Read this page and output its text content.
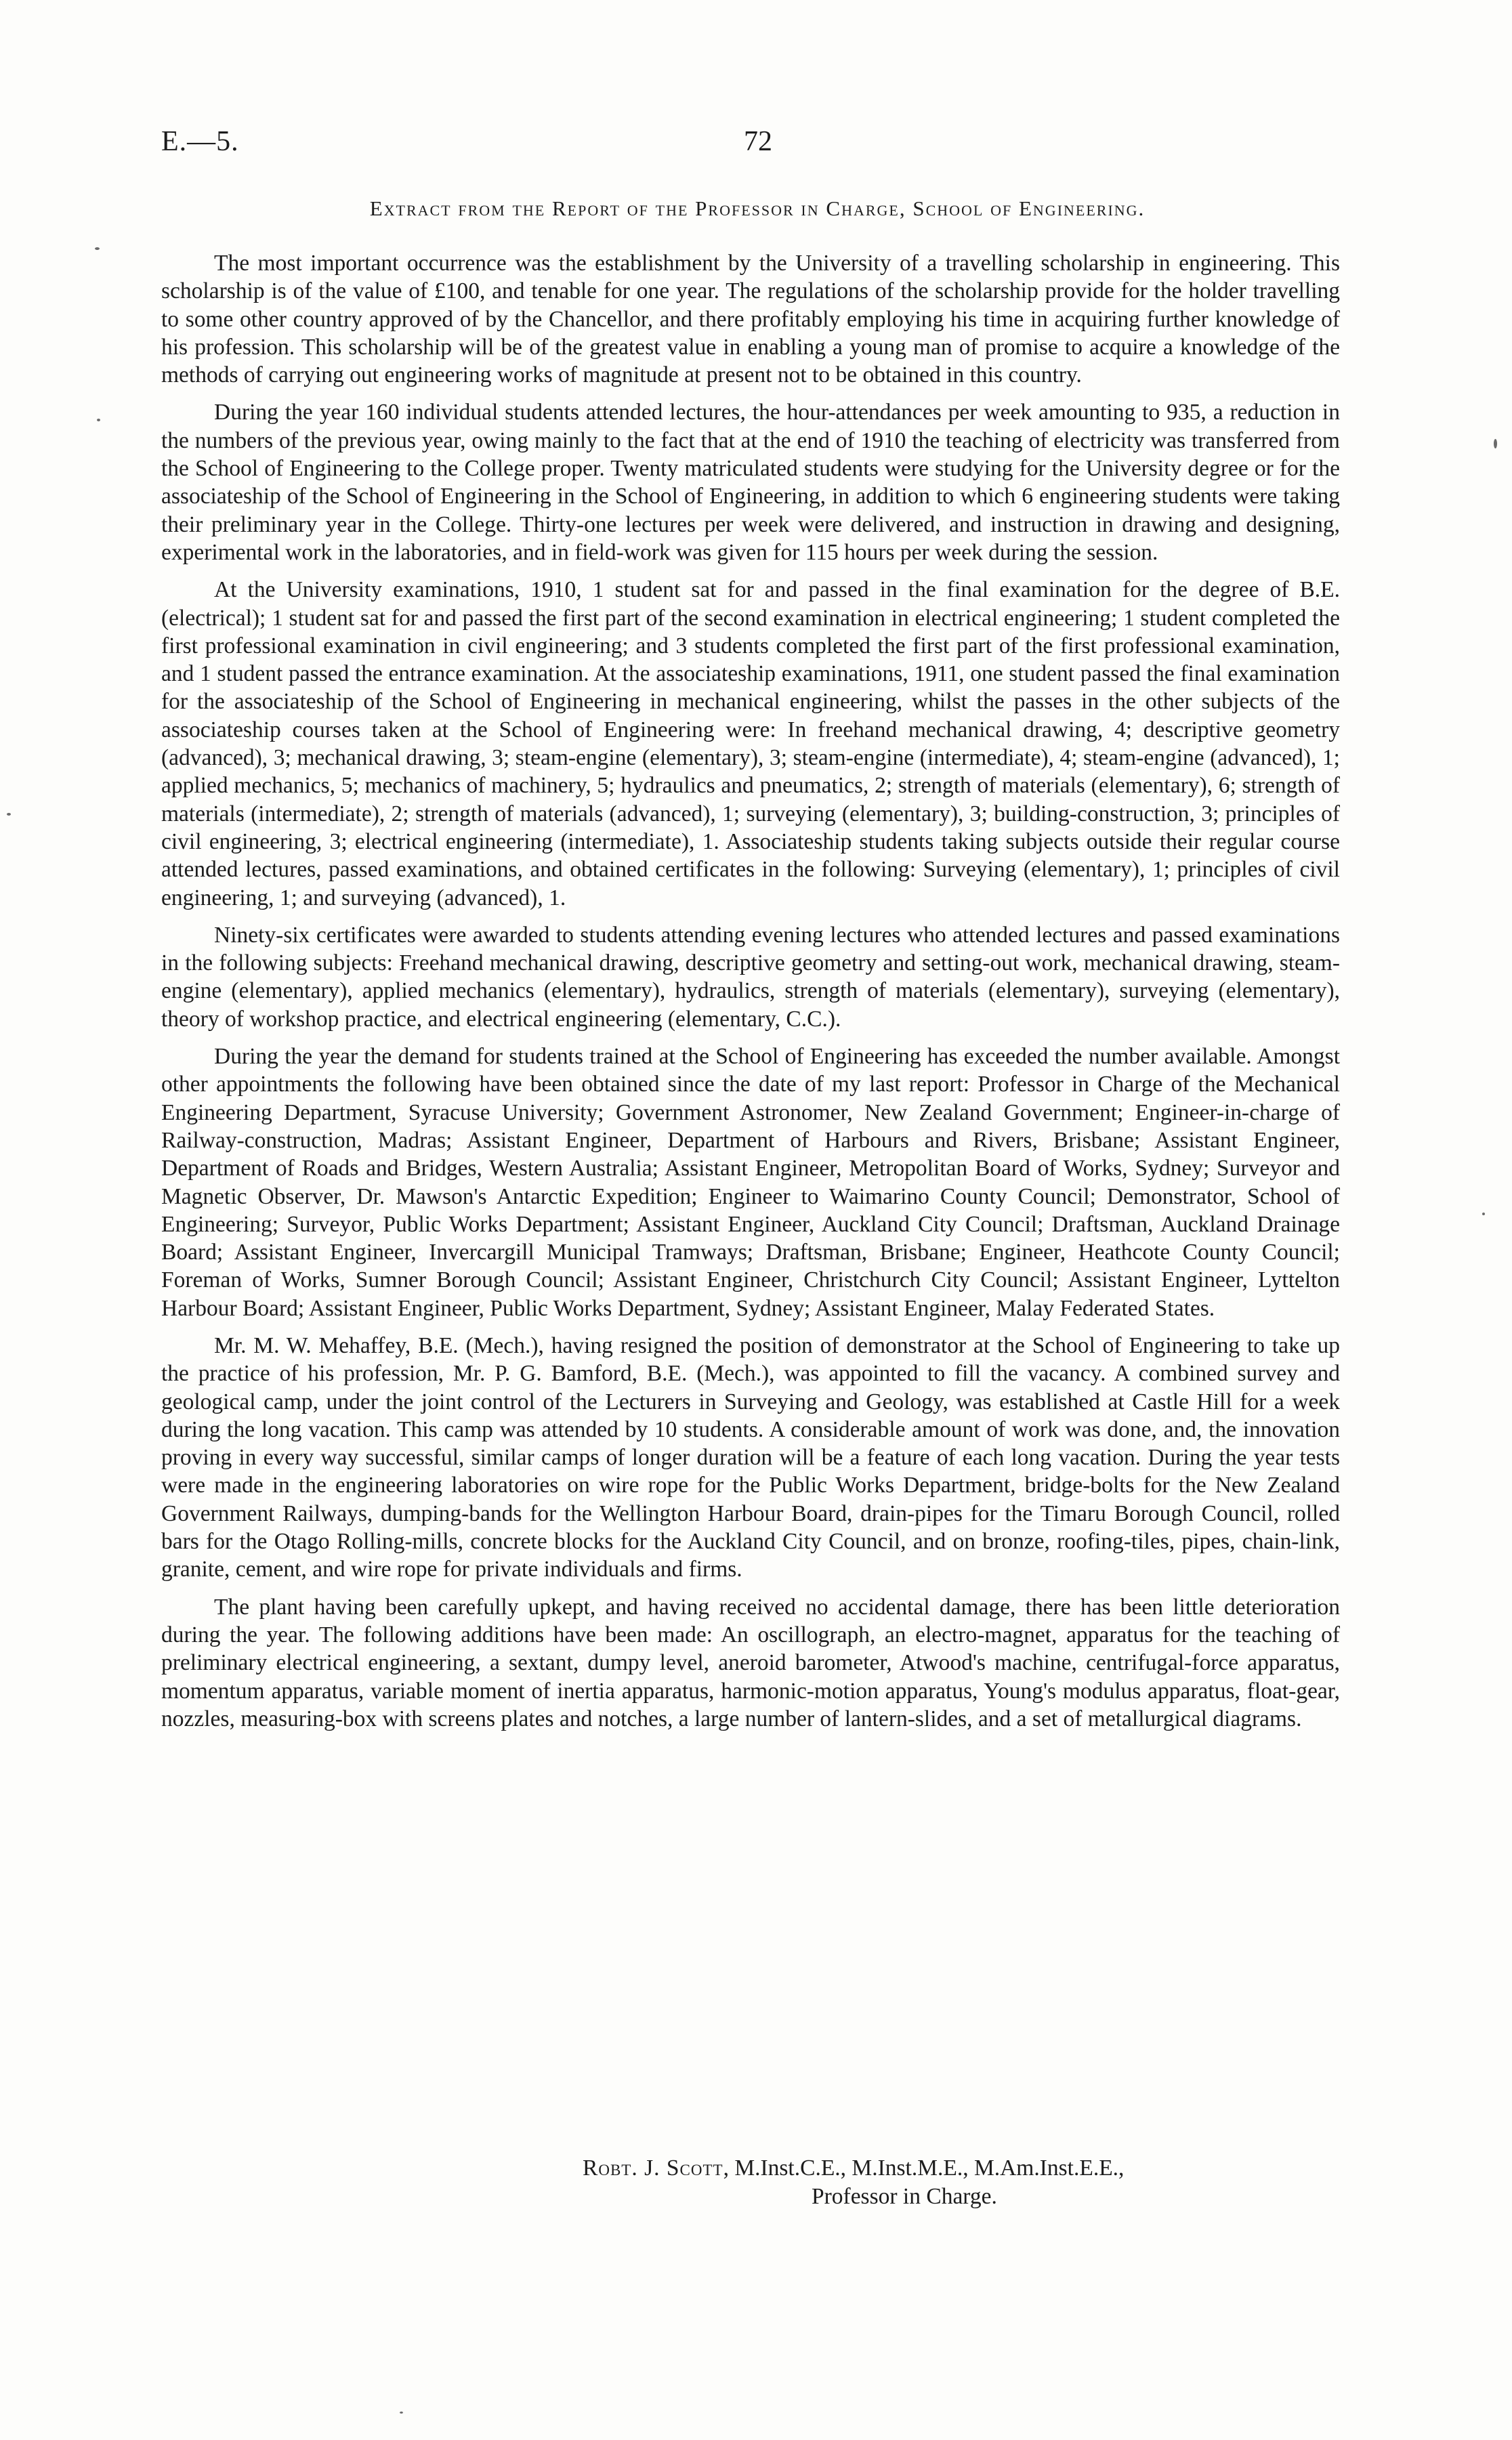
E.—5.	72
Extract from the Report of the Professor in Charge, School of Engineering.

The most important occurrence was the establishment by the University of a travelling scholarship in engineering. This scholarship is of the value of £100, and tenable for one year. The regulations of the scholarship provide for the holder travelling to some other country approved of by the Chancellor, and there profitably employing his time in acquiring further knowledge of his profession. This scholarship will be of the greatest value in enabling a young man of promise to acquire a knowledge of the methods of carrying out engineering works of magnitude at present not to be obtained in this country.

During the year 160 individual students attended lectures, the hour-attendances per week amounting to 935, a reduction in the numbers of the previous year, owing mainly to the fact that at the end of 1910 the teaching of electricity was transferred from the School of Engineering to the College proper. Twenty matriculated students were studying for the University degree or for the associateship of the School of Engineering in the School of Engineering, in addition to which 6 engineering students were taking their preliminary year in the College. Thirty-one lectures per week were delivered, and instruction in drawing and designing, experimental work in the laboratories, and in field-work was given for 115 hours per week during the session.

At the University examinations, 1910, 1 student sat for and passed in the final examination for the degree of B.E. (electrical); 1 student sat for and passed the first part of the second examination in electrical engineering; 1 student completed the first professional examination in civil engineering; and 3 students completed the first part of the first professional examination, and 1 student passed the entrance examination. At the associateship examinations, 1911, one student passed the final examination for the associateship of the School of Engineering in mechanical engineering, whilst the passes in the other subjects of the associateship courses taken at the School of Engineering were: In freehand mechanical drawing, 4; descriptive geometry (advanced), 3; mechanical drawing, 3; steam-engine (elementary), 3; steam-engine (intermediate), 4; steam-engine (advanced), 1; applied mechanics, 5; mechanics of machinery, 5; hydraulics and pneumatics, 2; strength of materials (elementary), 6; strength of materials (intermediate), 2; strength of materials (advanced), 1; surveying (elementary), 3; building-construction, 3; principles of civil engineering, 3; electrical engineering (intermediate), 1. Associateship students taking subjects outside their regular course attended lectures, passed examinations, and obtained certificates in the following: Surveying (elementary), 1; principles of civil engineering, 1; and surveying (advanced), 1.

Ninety-six certificates were awarded to students attending evening lectures who attended lectures and passed examinations in the following subjects: Freehand mechanical drawing, descriptive geometry and setting-out work, mechanical drawing, steam-engine (elementary), applied mechanics (elementary), hydraulics, strength of materials (elementary), surveying (elementary), theory of workshop practice, and electrical engineering (elementary, C.C.).

During the year the demand for students trained at the School of Engineering has exceeded the number available. Amongst other appointments the following have been obtained since the date of my last report: Professor in Charge of the Mechanical Engineering Department, Syracuse University; Government Astronomer, New Zealand Government; Engineer-in-charge of Railway-construction, Madras; Assistant Engineer, Department of Harbours and Rivers, Brisbane; Assistant Engineer, Department of Roads and Bridges, Western Australia; Assistant Engineer, Metropolitan Board of Works, Sydney; Surveyor and Magnetic Observer, Dr. Mawson's Antarctic Expedition; Engineer to Waimarino County Council; Demonstrator, School of Engineering; Surveyor, Public Works Department; Assistant Engineer, Auckland City Council; Draftsman, Auckland Drainage Board; Assistant Engineer, Invercargill Municipal Tramways; Draftsman, Brisbane; Engineer, Heathcote County Council; Foreman of Works, Sumner Borough Council; Assistant Engineer, Christchurch City Council; Assistant Engineer, Lyttelton Harbour Board; Assistant Engineer, Public Works Department, Sydney; Assistant Engineer, Malay Federated States.

Mr. M. W. Mehaffey, B.E. (Mech.), having resigned the position of demonstrator at the School of Engineering to take up the practice of his profession, Mr. P. G. Bamford, B.E. (Mech.), was appointed to fill the vacancy. A combined survey and geological camp, under the joint control of the Lecturers in Surveying and Geology, was established at Castle Hill for a week during the long vacation. This camp was attended by 10 students. A considerable amount of work was done, and, the innovation proving in every way successful, similar camps of longer duration will be a feature of each long vacation. During the year tests were made in the engineering laboratories on wire rope for the Public Works Department, bridge-bolts for the New Zealand Government Railways, dumping-bands for the Wellington Harbour Board, drain-pipes for the Timaru Borough Council, rolled bars for the Otago Rolling-mills, concrete blocks for the Auckland City Council, and on bronze, roofing-tiles, pipes, chain-link, granite, cement, and wire rope for private individuals and firms.

The plant having been carefully upkept, and having received no accidental damage, there has been little deterioration during the year. The following additions have been made: An oscillograph, an electro-magnet, apparatus for the teaching of preliminary electrical engineering, a sextant, dumpy level, aneroid barometer, Atwood's machine, centrifugal-force apparatus, momentum apparatus, variable moment of inertia apparatus, harmonic-motion apparatus, Young's modulus apparatus, float-gear, nozzles, measuring-box with screens plates and notches, a large number of lantern-slides, and a set of metallurgical diagrams.

Robt. J. Scott, M.Inst.C.E., M.Inst.M.E., M.Am.Inst.E.E.,
Professor in Charge.
